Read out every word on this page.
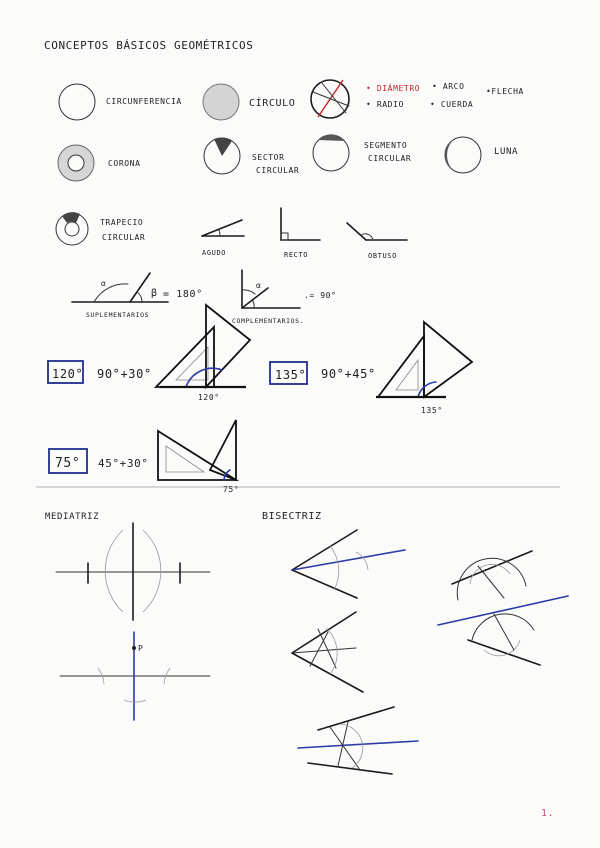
CONCEPTOS BÁSICOS GEOMÉTRICOS
CIRCUNFERENCIA	CÍRCULO
• DIÁMETRO
• RADIO
• ARCO
• CUERDA
•FLECHA
CORONA
SECTOR
CIRCULAR
SEGMENTO
CIRCULAR
LUNA
TRAPECIO
CIRCULAR
AGUDO	RECTO	OBTUSO
α
β = 180°
SUPLEMENTARIOS
α
.= 90°
COMPLEMENTARIOS.
120° 90°+30°
120°
135° 90°+45°
135°
75° 45°+30°
75°
MEDIATRIZ
P
BISECTRIZ
1.
